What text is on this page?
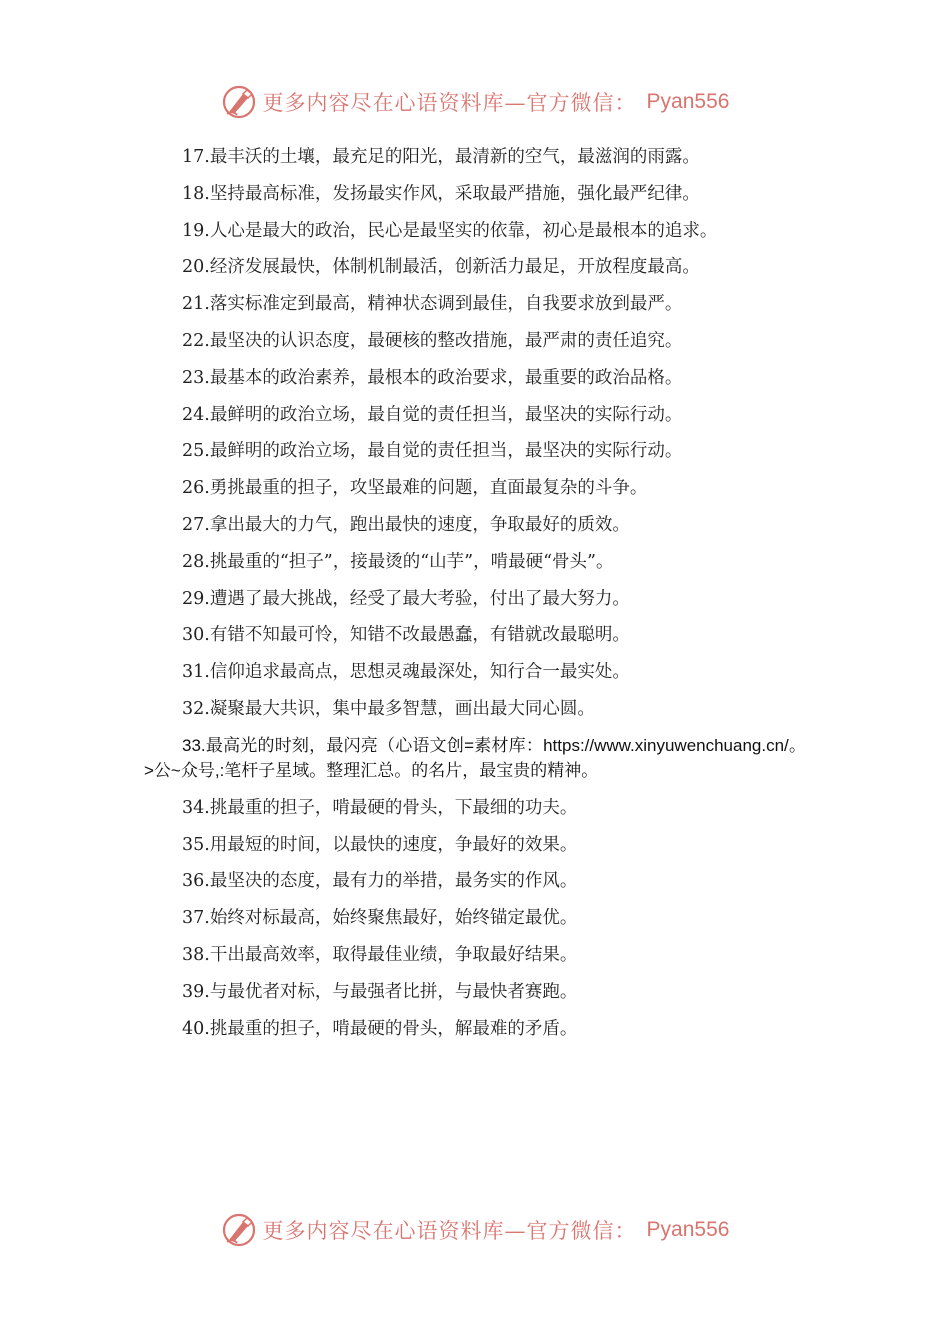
更多内容尽在心语资料库—官方微信： Pyan556
17.最丰沃的土壤，最充足的阳光，最清新的空气，最滋润的雨露。
18.坚持最高标准，发扬最实作风，采取最严措施，强化最严纪律。
19.人心是最大的政治，民心是最坚实的依靠，初心是最根本的追求。
20.经济发展最快，体制机制最活，创新活力最足，开放程度最高。
21.落实标准定到最高，精神状态调到最佳，自我要求放到最严。
22.最坚决的认识态度，最硬核的整改措施，最严肃的责任追究。
23.最基本的政治素养，最根本的政治要求，最重要的政治品格。
24.最鲜明的政治立场，最自觉的责任担当，最坚决的实际行动。
25.最鲜明的政治立场，最自觉的责任担当，最坚决的实际行动。
26.勇挑最重的担子，攻坚最难的问题，直面最复杂的斗争。
27.拿出最大的力气，跑出最快的速度，争取最好的质效。
28.挑最重的“担子”，接最烫的“山芋”，啃最硬“骨头”。
29.遭遇了最大挑战，经受了最大考验，付出了最大努力。
30.有错不知最可怜，知错不改最愚蠢，有错就改最聪明。
31.信仰追求最高点，思想灵魂最深处，知行合一最实处。
32.凝聚最大共识，集中最多智慧，画出最大同心圆。

33.最高光的时刻，最闪亮（心语文创=素材库：https://www.xinyuwenchuang.cn/。>公~众号,:笔杆子星域。整理汇总。的名片，最宝贵的精神。

34.挑最重的担子，啃最硬的骨头，下最细的功夫。
35.用最短的时间，以最快的速度，争最好的效果。
36.最坚决的态度，最有力的举措，最务实的作风。
37.始终对标最高，始终聚焦最好，始终锚定最优。
38.干出最高效率，取得最佳业绩，争取最好结果。
39.与最优者对标，与最强者比拼，与最快者赛跑。
40.挑最重的担子，啃最硬的骨头，解最难的矛盾。
更多内容尽在心语资料库—官方微信： Pyan556
